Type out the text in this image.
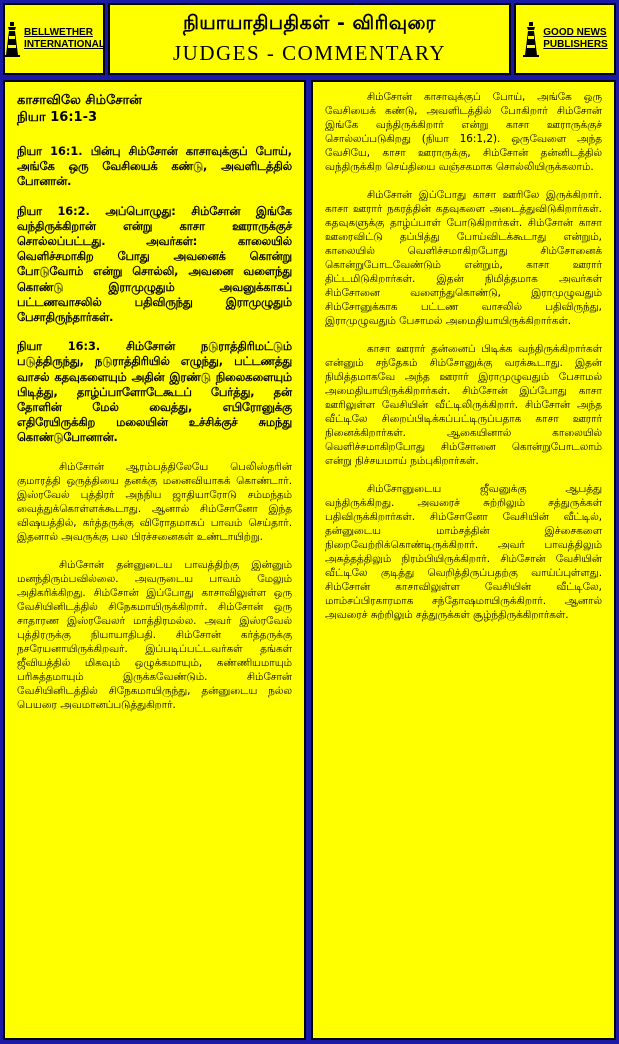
BELLWETHER
INTERNATIONAL
நியாயாதிபதிகள் - விரிவுரை
JUDGES - COMMENTARY
GOOD NEWS
PUBLISHERS
காசாவிலே சிம்சோன்
நியா 16:1-3

நியா 16:1. பின்பு சிம்சோன் காசாவுக்குப் போய், அங்கே ஒரு வேசியைக் கண்டு, அவளிடத்தில் போனான்.

நியா 16:2. அப்பொழுது: சிம்சோன் இங்கே வந்திருக்கிறான் என்று காசா ஊராருக்குச் சொல்லப்பட்டது. அவர்கள்: காலையில் வெளிச்சமாகிற போது அவனைக் கொன்று போடுவோம் என்று சொல்லி, அவனை வளைந்து கொண்டு இராமுழுதும் அவனுக்காகப் பட்டணவாசலில் பதிவிருந்து இராமுழுதும் பேசாதிருந்தார்கள்.

நியா 16:3. சிம்சோன் நடுராத்திரிமட்டும் படுத்திருந்து, நடுராத்திரியில் எழுந்து, பட்டணத்து வாசல் கதவுகளையும் அதின் இரண்டு நிலைகளையும் பிடித்து, தாழ்ப்பாளோடேகூடப் பேர்த்து, தன் தோளின் மேல் வைத்து, எபிரோனுக்கு எதிரேயிருக்கிற மலையின் உச்சிக்குச் சுமந்து கொண்டுபோனான்.

சிம்சோன் ஆரம்பத்திலேயே பெலிஸ்தரின் குமாரத்தி ஒருத்தியை தனக்கு மனைவியாகக் கொண்டார். இஸ்ரவேல் புத்திரர் அந்நிய ஜாதியாரோடு சம்மந்தம் வைத்துக்கொள்ளக்கூடாது. ஆனால் சிம்சோனோ இந்த விஷயத்தில், கர்த்தருக்கு விரோதமாகப் பாவம் செய்தார். இதனால் அவருக்கு பல பிரச்சனைகள் உண்டாயிற்று.

சிம்சோன் தன்னுடைய பாவத்திற்கு இன்னும் மனந்திரும்பவில்லை. அவருடைய பாவம் மேலும் அதிகரிக்கிறது. சிம்சோன் இப்போது காசாவிலுள்ள ஒரு வேசியினிடத்தில் சிநேகமாயிருக்கிறார். சிம்சோன் ஒரு சாதாரண இஸ்ரவேலர் மாத்திரமல்ல. அவர் இஸ்ரவேல் புத்திரருக்கு நியாயாதிபதி. சிம்சோன் கர்த்தருக்கு நசரேயனாயிருக்கிறவர். இப்படிப்பட்டவர்கள் தங்கள் ஜீவியத்தில் மிகவும் ஒழுக்கமாயும், கண்ணியமாயும் பரிசுத்தமாயும் இருக்கவேண்டும். சிம்சோன் வேசியினிடத்தில் சிநேகமாயிருந்து, தன்னுடைய நல்ல பெயரை அவமானப்படுத்துகிறார்.

சிம்சோன் காசாவுக்குப் போய், அங்கே ஒரு வேசியைக் கண்டு, அவளிடத்தில் போகிறார் சிம்சோன் இங்கே வந்திருக்கிறார் என்று காசா ஊராருக்குச் சொல்லப்படுகிறது (நியா 16:1,2). ஒருவேளை அந்த வேசியே, காசா ஊராருக்கு, சிம்சோன் தன்னிடத்தில் வந்திருக்கிற செய்தியை வஞ்சகமாக சொல்லியிருக்கலாம்.

சிம்சோன் இப்போது காசா ஊரிலே இருக்கிறார். காசா ஊரார் நகரத்தின் கதவுகளை அடைத்துவிடுகிறார்கள். கதவுகளுக்கு தாழ்ப்பாள் போடுகிறார்கள். சிம்சோன் காசா ஊரைவிட்டு தப்பித்து போய்விடக்கூடாது என்றும், காலையில் வெளிச்சமாகிறபோது சிம்சோனைக் கொன்றுபோடவேண்டும் என்றும், காசா ஊரார் திட்டமிடுகிறார்கள். இதன் நிமித்தமாக அவர்கள் சிம்சோனை வளைந்துகொண்டு, இராமுழுவதும் சிம்சோனுக்காக பட்டண வாசலில் பதிவிருந்து, இராமுழுவதும் பேசாமல் அமைதியாயிருக்கிறார்கள்.

காசா ஊரார் தன்னைப் பிடிக்க வந்திருக்கிறார்கள் என்னும் சந்தேகம் சிம்சோனுக்கு வரக்கூடாது. இதன் நிமித்தமாகவே அந்த ஊரார் இராமுழுவதும் பேசாமல் அமைதியாயிருக்கிறார்கள். சிம்சோன் இப்போது காசா ஊரிலுள்ள வேசியின் வீட்டிலிருக்கிறார். சிம்சோன் அந்த வீட்டிலே சிறைப்பிடிக்கப்பட்டிருப்பதாக காசா ஊரார் நினைக்கிறார்கள். ஆகையினால் காலையில் வெளிச்சமாகிறபோது சிம்சோனை கொன்றுபோடலாம் என்று நிச்சயமாய் நம்புகிறார்கள்.

சிம்சோனுடைய ஜீவனுக்கு ஆபத்து வந்திருக்கிறது. அவரைச் சுற்றிலும் சத்துருக்கள் பதிவிருக்கிறார்கள். சிம்சோனோ வேசியின் வீட்டில், தன்னுடைய மாம்சத்தின் இச்சைகளை நிறைவேற்றிக்கொண்டிருக்கிறார். அவர் பாவத்திலும் அசுத்தத்திலும் நிரம்பியிருக்கிறார். சிம்சோன் வேசியின் வீட்டிலே குடித்து வெறித்திருப்பதற்கு வாய்ப்புள்ளது. சிம்சோன் காசாவிலுள்ள வேசியின் வீட்டிலே, மாம்சப்பிரகாரமாக சந்தோஷமாயிருக்கிறார். ஆனால் அவரைச் சுற்றிலும் சத்துருக்கள் சூழ்ந்திருக்கிறார்கள்.
